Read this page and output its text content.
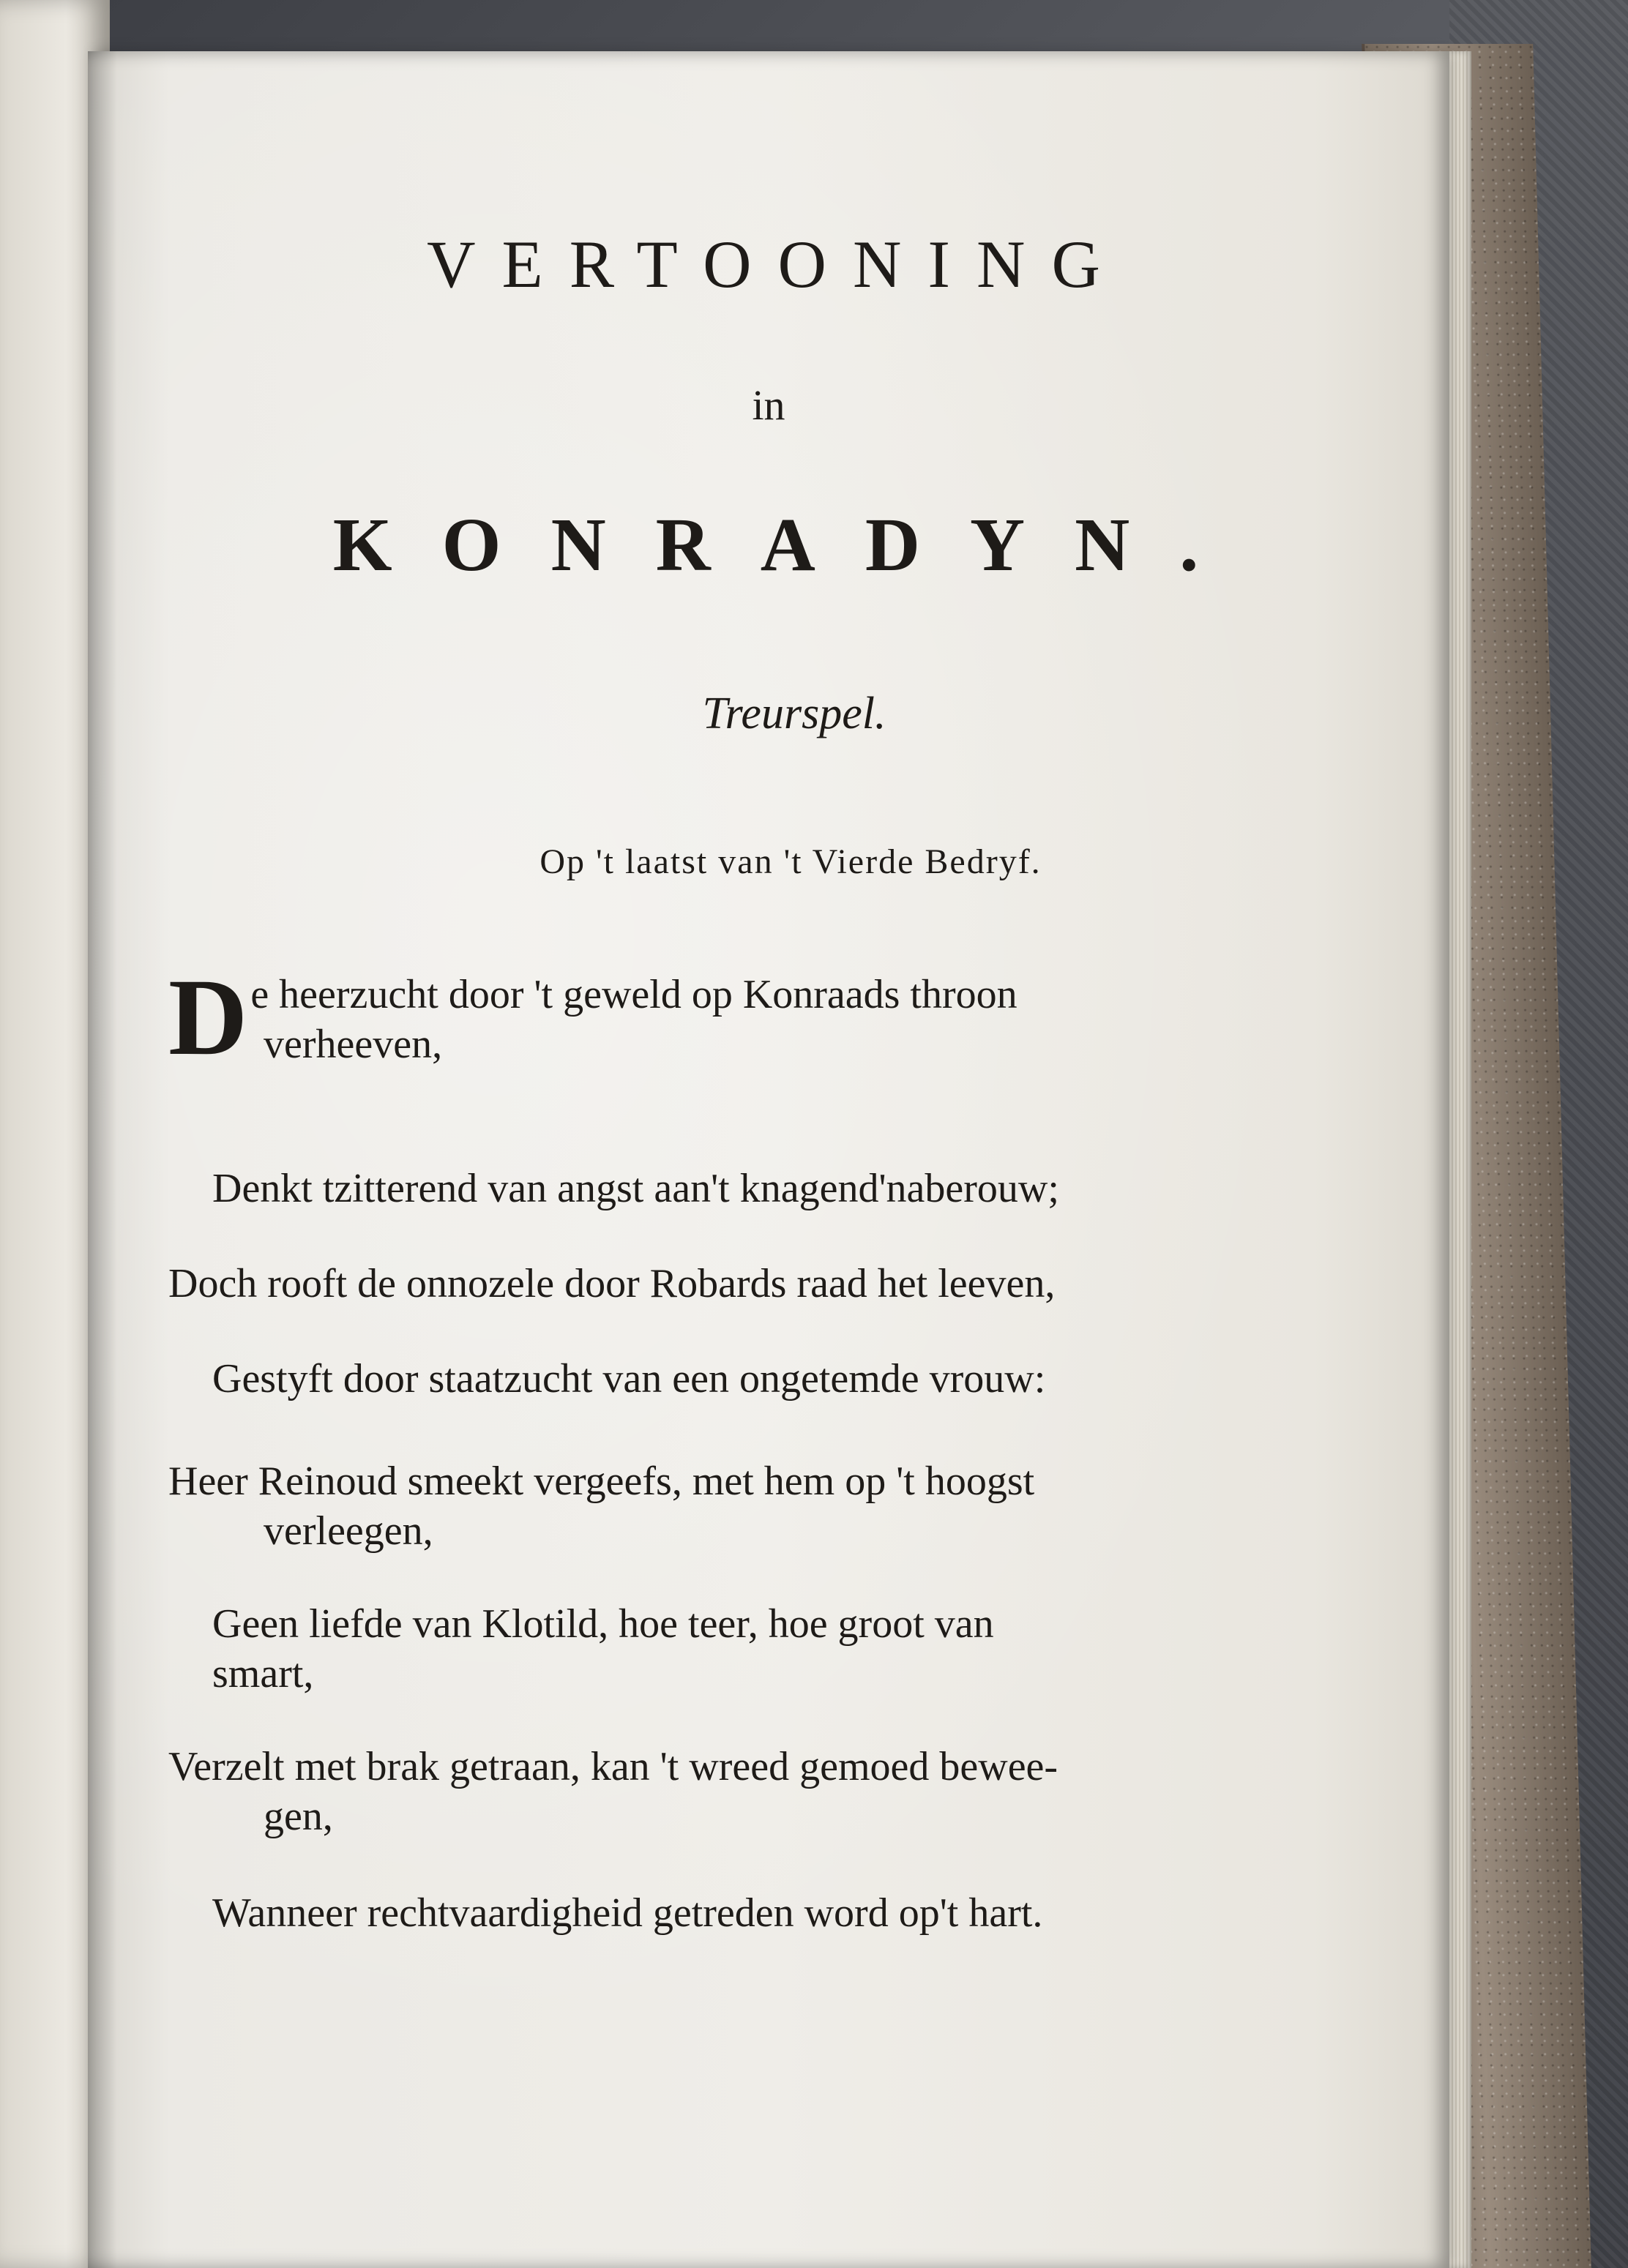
VERTOONING

in

KONRADYN.

Treurspel.

Op 't laatst van 't Vierde Bedryf.

D e heerzucht door 't geweld op Konraads throon
verheeven,

Denkt tzitterend van angst aan't knagend'naberouw;

Doch rooft de onnozele door Robards raad het leeven,

Gestyft door staatzucht van een ongetemde vrouw:

Heer Reinoud smeekt vergeefs, met hem op 't hoogst
verleegen,

Geen liefde van Klotild, hoe teer, hoe groot van
smart,

Verzelt met brak getraan, kan 't wreed gemoed bewee-
gen,

Wanneer rechtvaardigheid getreden word op't hart.
